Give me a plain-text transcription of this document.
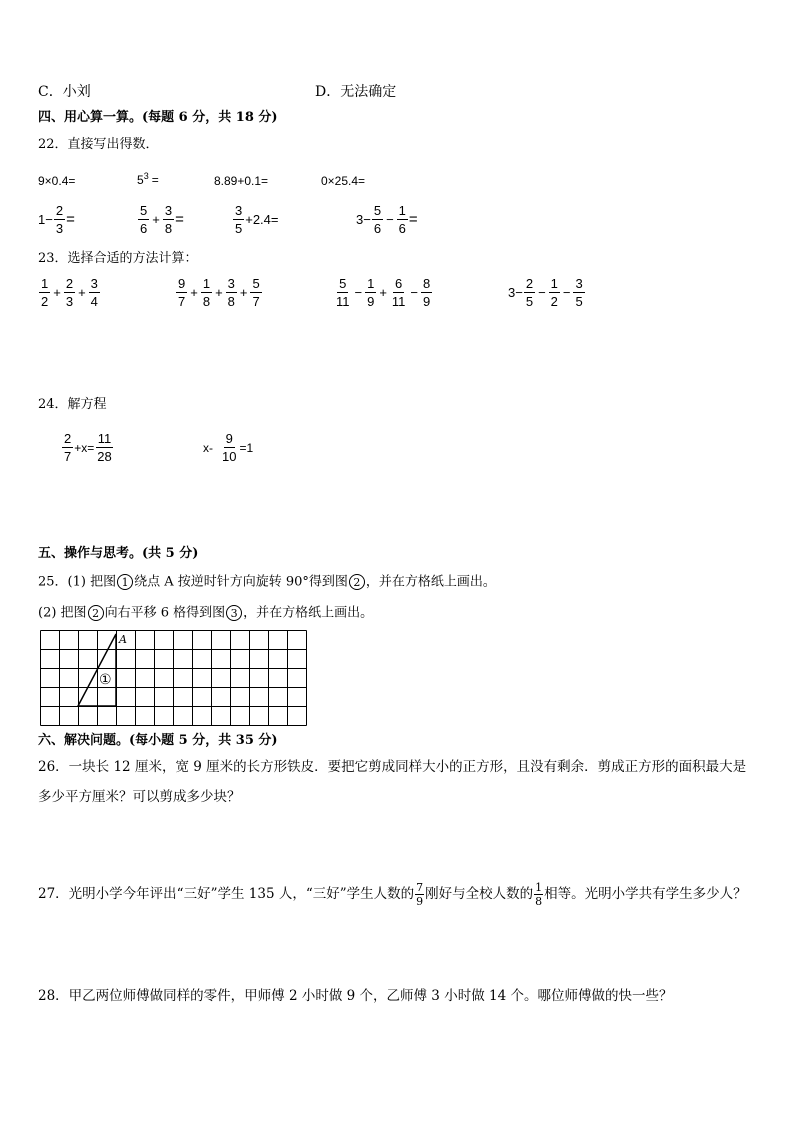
C．小刘	D．无法确定
四、用心算一算。(每题 6 分，共 18 分)
22．直接写出得数．
9×0.4=	$5^3$ =	8.89+0.1=	0×25.4=
$1- \frac{2}{3}$ =	$\frac{5}{6} + \frac{3}{8}$ =	$\frac{3}{5} +2.4=$	$3- \frac{5}{6} - \frac{1}{6}$ =
23．选择合适的方法计算：
$\frac{1}{2} + \frac{2}{3} + \frac{3}{4}$	$\frac{9}{7} + \frac{1}{8} + \frac{3}{8} + \frac{5}{7}$	$\frac{5}{11} - \frac{1}{9} + \frac{6}{11} - \frac{8}{9}$	$3- \frac{2}{5} - \frac{1}{2} - \frac{3}{5}$
24．解方程
$\frac{2}{7} +x= \frac{11}{28}$	$x- \frac{9}{10} =1$
五、操作与思考。(共 5 分)
25．(1) 把图 1 绕点 A 按逆时针方向旋转 90°得到图 2 ，并在方格纸上画出。
(2) 把图 2 向右平移 6 格得到图 3 ，并在方格纸上画出。
A
①
六、解决问题。(每小题 5 分，共 35 分)
26．一块长 12 厘米，宽 9 厘米的长方形铁皮．要把它剪成同样大小的正方形，且没有剩余．剪成正方形的面积最大是
多少平方厘米？可以剪成多少块？
27．光明小学今年评出“三好”学生 135 人，“三好”学生人数的 $\frac{7}{9}$ 刚好与全校人数的 $\frac{1}{8}$ 相等。光明小学共有学生多少人？
28．甲乙两位师傅做同样的零件，甲师傅 2 小时做 9 个，乙师傅 3 小时做 14 个。哪位师傅做的快一些？
